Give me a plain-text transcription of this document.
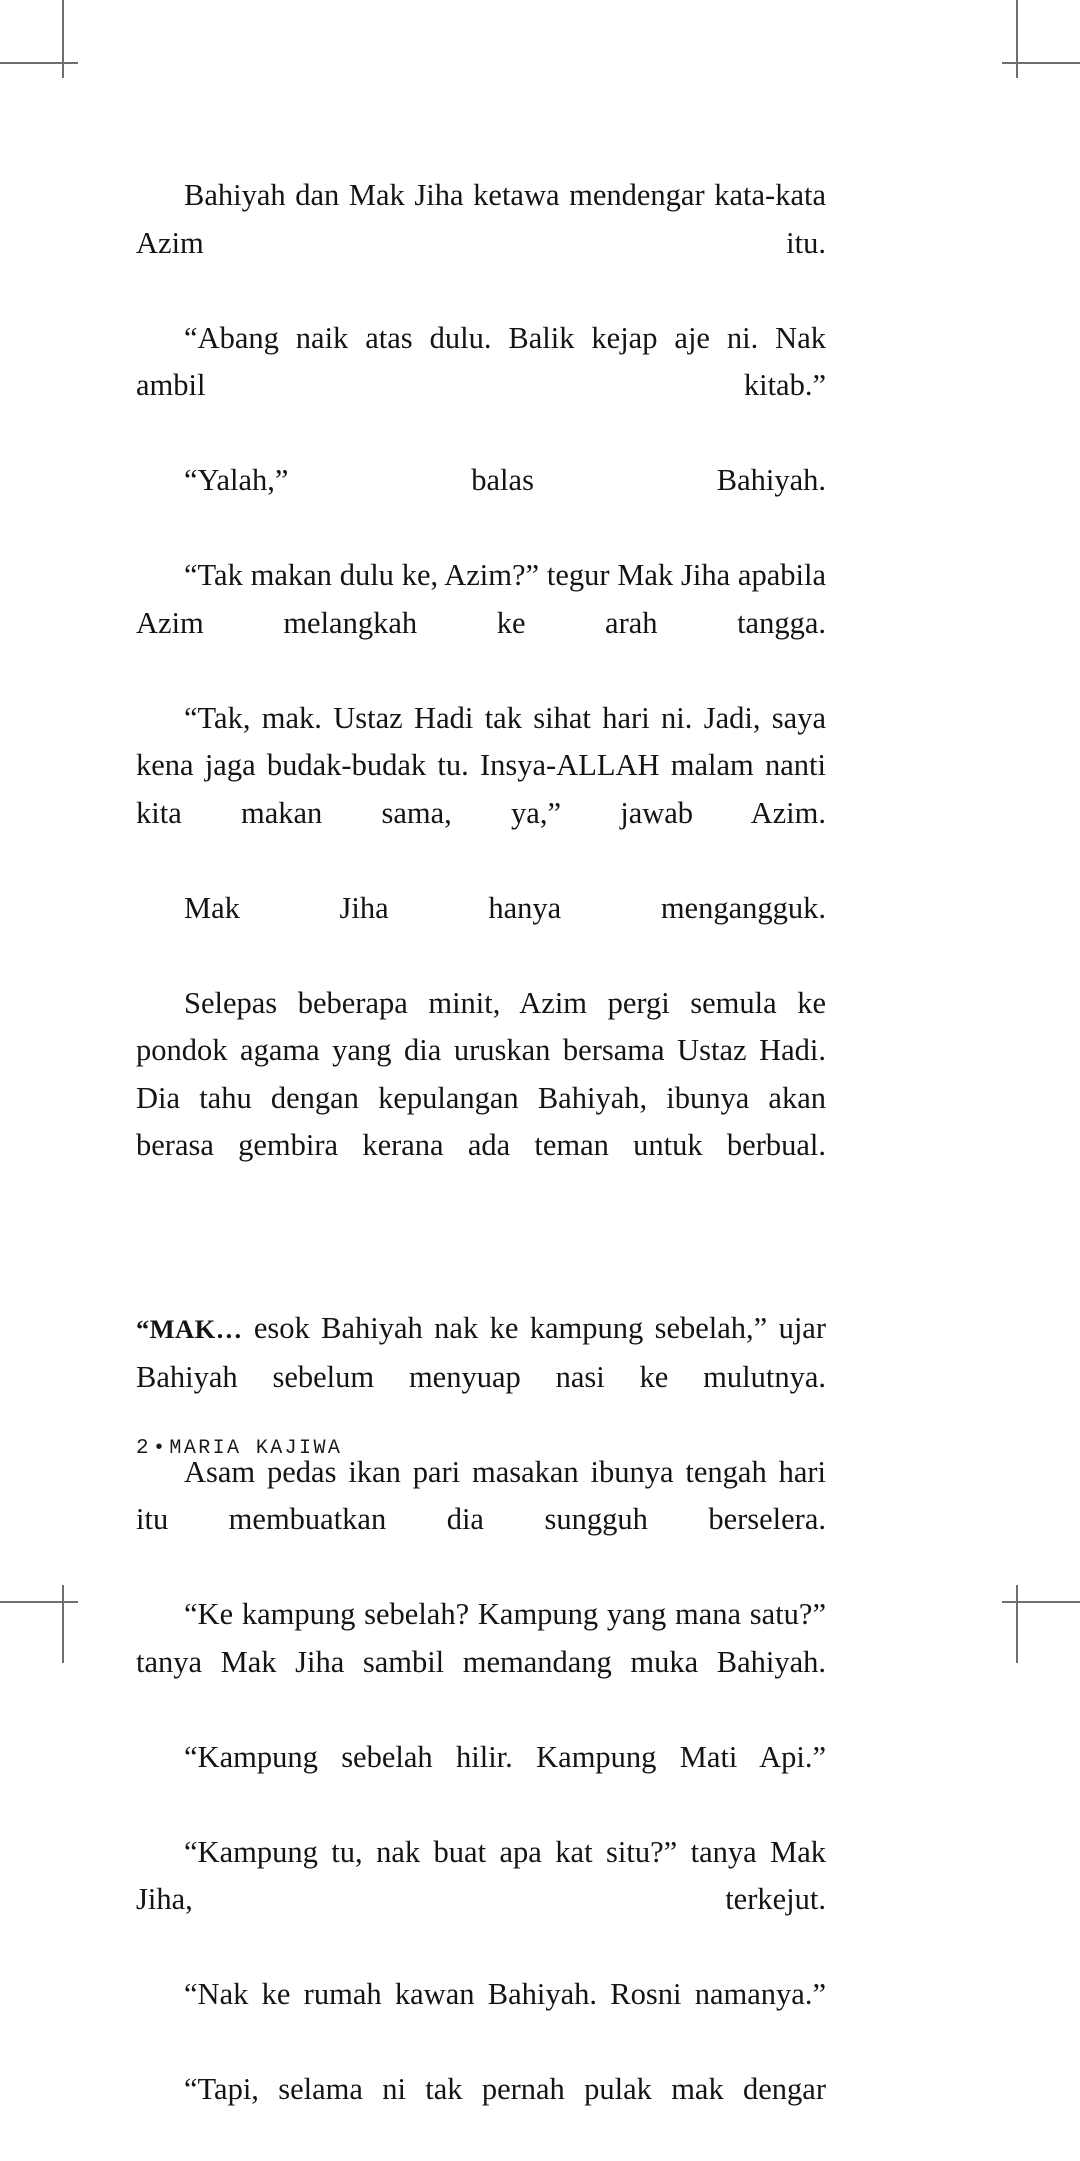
Bahiyah dan Mak Jiha ketawa mendengar kata-kata Azim itu.

“Abang naik atas dulu. Balik kejap aje ni. Nak ambil kitab.”

“Yalah,” balas Bahiyah.

“Tak makan dulu ke, Azim?” tegur Mak Jiha apabila Azim melangkah ke arah tangga.

“Tak, mak. Ustaz Hadi tak sihat hari ni. Jadi, saya kena jaga budak-budak tu. Insya-ALLAH malam nanti kita makan sama, ya,” jawab Azim.

Mak Jiha hanya mengangguk.

Selepas beberapa minit, Azim pergi semula ke pondok agama yang dia uruskan bersama Ustaz Hadi. Dia tahu dengan kepulangan Bahiyah, ibunya akan berasa gembira kerana ada teman untuk berbual.

“MAK… esok Bahiyah nak ke kampung sebelah,” ujar Bahiyah sebelum menyuap nasi ke mulutnya.

Asam pedas ikan pari masakan ibunya tengah hari itu membuatkan dia sungguh berselera.

“Ke kampung sebelah? Kampung yang mana satu?” tanya Mak Jiha sambil memandang muka Bahiyah.

“Kampung sebelah hilir. Kampung Mati Api.”

“Kampung tu, nak buat apa kat situ?” tanya Mak Jiha, terkejut.

“Nak ke rumah kawan Bahiyah. Rosni namanya.”

“Tapi, selama ni tak pernah pulak mak dengar

2 • MARIA KAJIWA
